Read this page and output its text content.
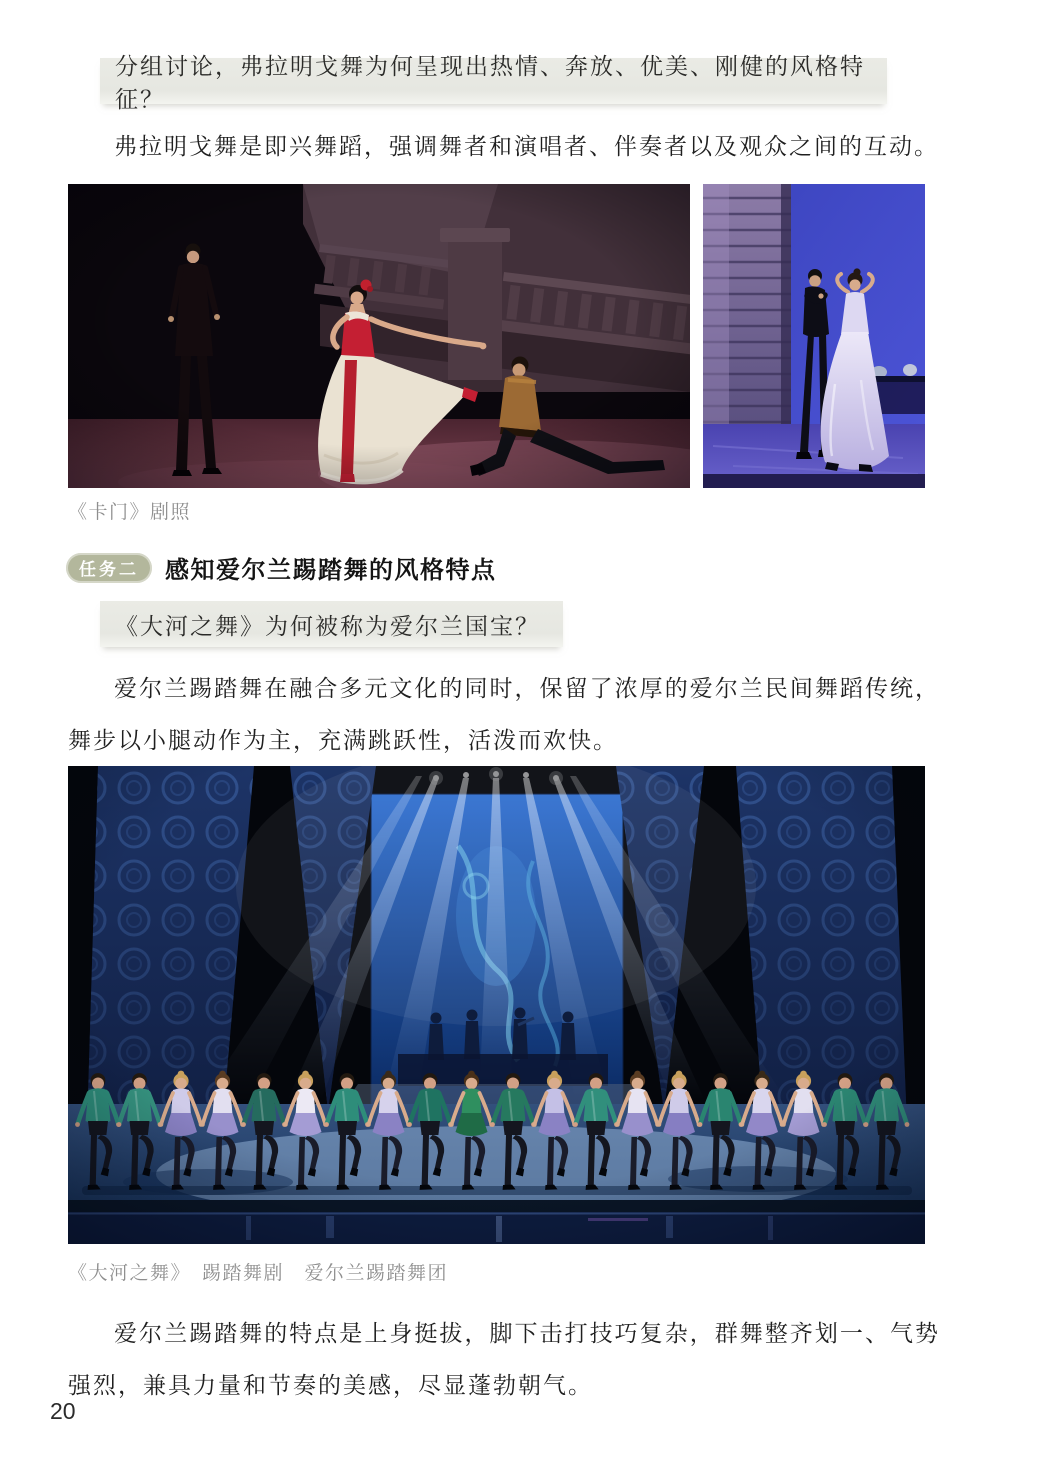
分组讨论，弗拉明戈舞为何呈现出热情、奔放、优美、刚健的风格特征？

弗拉明戈舞是即兴舞蹈，强调舞者和演唱者、伴奏者以及观众之间的互动。

《卡门》剧照
任务二	感知爱尔兰踢踏舞的风格特点
《大河之舞》为何被称为爱尔兰国宝？

爱尔兰踢踏舞在融合多元文化的同时，保留了浓厚的爱尔兰民间舞蹈传统，舞步以小腿动作为主，充满跳跃性，活泼而欢快。

《大河之舞》　踢踏舞剧　爱尔兰踢踏舞团

爱尔兰踢踏舞的特点是上身挺拔，脚下击打技巧复杂，群舞整齐划一、气势强烈，兼具力量和节奏的美感，尽显蓬勃朝气。

20
